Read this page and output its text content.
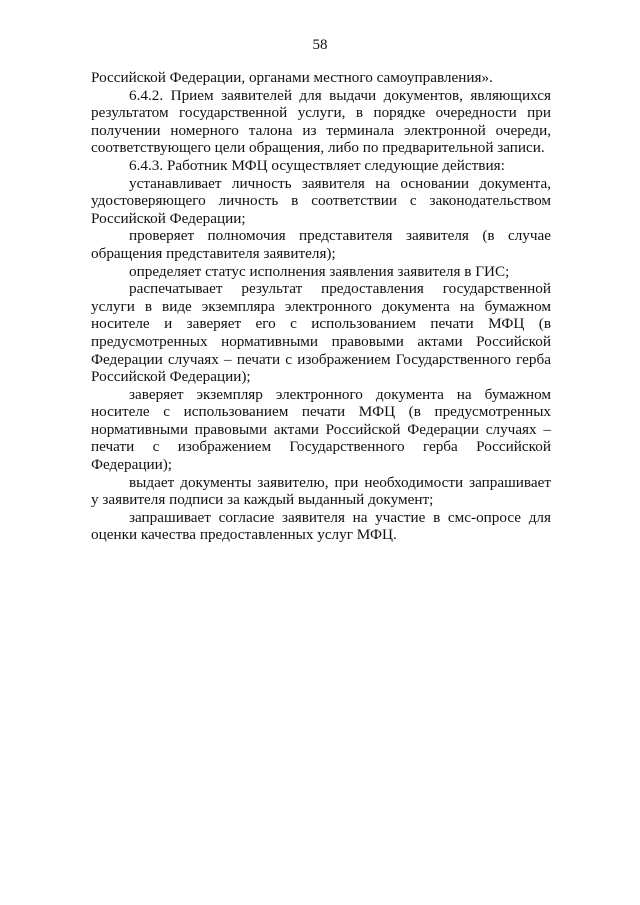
58

Российской Федерации, органами местного самоуправления».

6.4.2. Прием заявителей для выдачи документов, являющихся результатом государственной услуги, в порядке очередности при получении номерного талона из терминала электронной очереди, соответствующего цели обращения, либо по предварительной записи.

6.4.3. Работник МФЦ осуществляет следующие действия:

устанавливает личность заявителя на основании документа, удостоверяющего личность в соответствии с законодательством Российской Федерации;

проверяет полномочия представителя заявителя (в случае обращения представителя заявителя);

определяет статус исполнения заявления заявителя в ГИС;

распечатывает результат предоставления государственной услуги в виде экземпляра электронного документа на бумажном носителе и заверяет его с использованием печати МФЦ (в предусмотренных нормативными правовыми актами Российской Федерации случаях – печати с изображением Государственного герба Российской Федерации);

заверяет экземпляр электронного документа на бумажном носителе с использованием печати МФЦ (в предусмотренных нормативными правовыми актами Российской Федерации случаях – печати с изображением Государственного герба Российской Федерации);

выдает документы заявителю, при необходимости запрашивает у заявителя подписи за каждый выданный документ;

запрашивает согласие заявителя на участие в смс-опросе для оценки качества предоставленных услуг МФЦ.
